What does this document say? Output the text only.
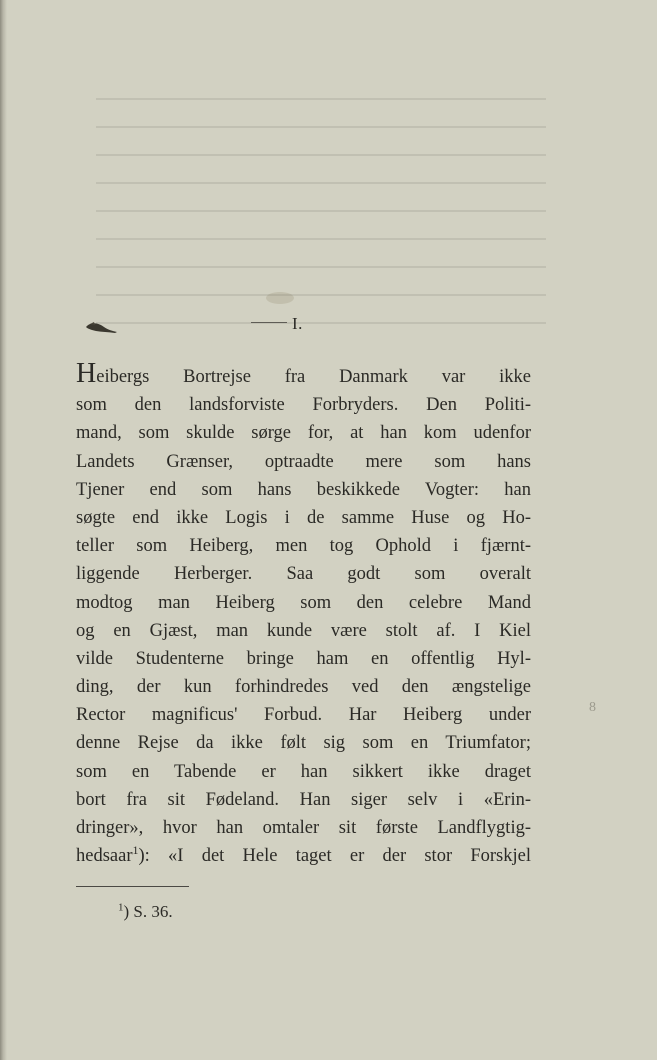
I.
Heibergs Bortrejse fra Danmark var ikke
som den landsforviste Forbryders. Den Politi-
mand, som skulde sørge for, at han kom udenfor
Landets Grænser, optraadte mere som hans
Tjener end som hans beskikkede Vogter: han
søgte end ikke Logis i de samme Huse og Ho-
teller som Heiberg, men tog Ophold i fjærnt-
liggende Herberger. Saa godt som overalt
modtog man Heiberg som den celebre Mand
og en Gjæst, man kunde være stolt af. I Kiel
vilde Studenterne bringe ham en offentlig Hyl-
ding, der kun forhindredes ved den ængstelige
Rector magnificus' Forbud. Har Heiberg under
denne Rejse da ikke følt sig som en Triumfator;
som en Tabende er han sikkert ikke draget
bort fra sit Fødeland. Han siger selv i «Erin-
dringer», hvor han omtaler sit første Landflygtig-
hedsaar$^1$): «I det Hele taget er der stor Forskjel

$^1$) S. 36.

8
